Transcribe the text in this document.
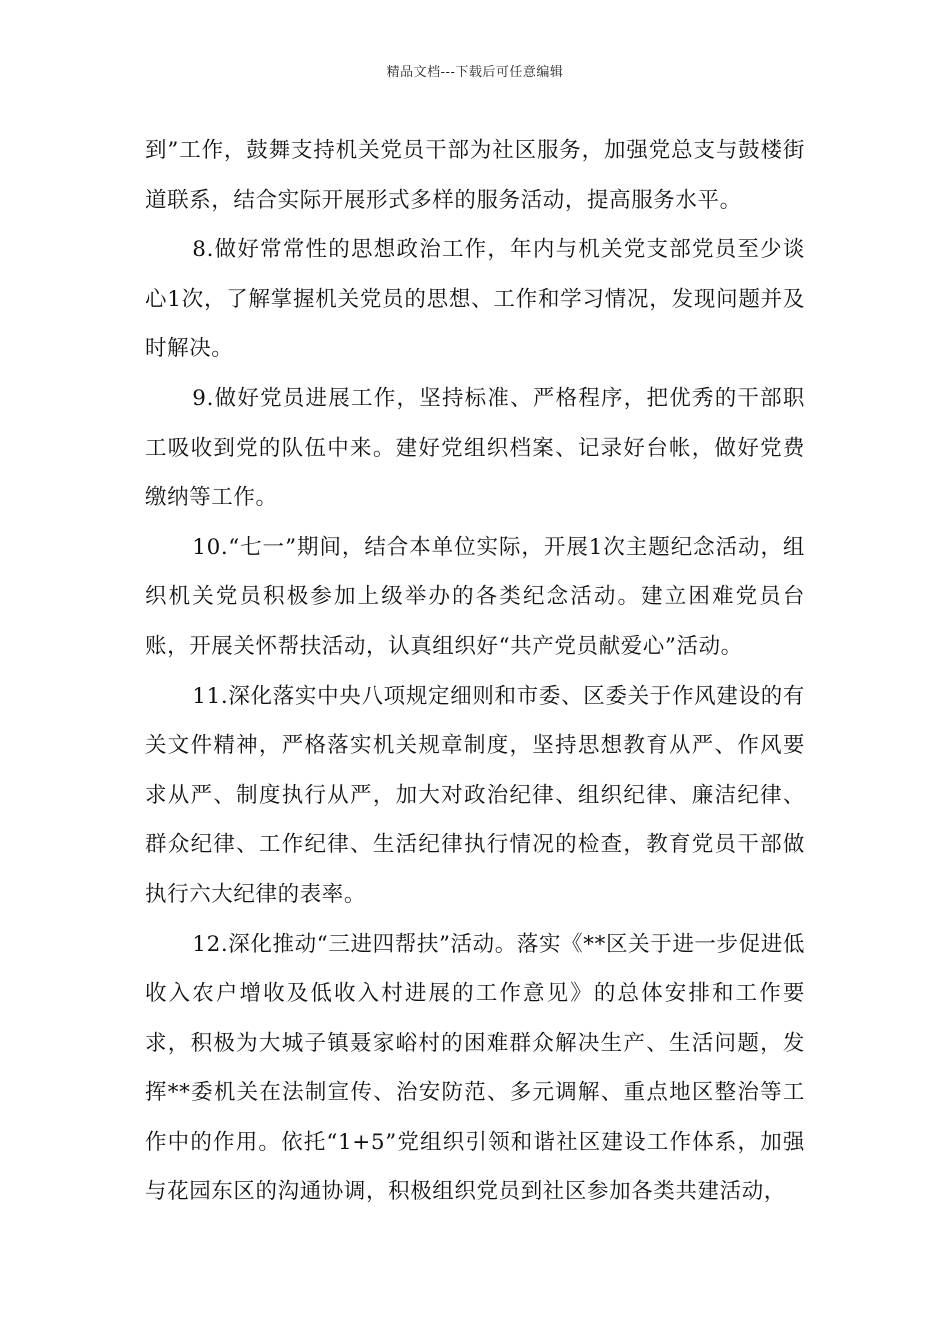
精品文档---下载后可任意编辑

到”工作，鼓舞支持机关党员干部为社区服务，加强党总支与鼓楼街道联系，结合实际开展形式多样的服务活动，提高服务水平。

8.做好常常性的思想政治工作，年内与机关党支部党员至少谈心1次，了解掌握机关党员的思想、工作和学习情况，发现问题并及时解决。

9.做好党员进展工作，坚持标准、严格程序，把优秀的干部职工吸收到党的队伍中来。建好党组织档案、记录好台帐，做好党费缴纳等工作。

10.“七一”期间，结合本单位实际，开展1次主题纪念活动，组织机关党员积极参加上级举办的各类纪念活动。建立困难党员台账，开展关怀帮扶活动，认真组织好“共产党员献爱心”活动。

11.深化落实中央八项规定细则和市委、区委关于作风建设的有关文件精神，严格落实机关规章制度，坚持思想教育从严、作风要求从严、制度执行从严，加大对政治纪律、组织纪律、廉洁纪律、群众纪律、工作纪律、生活纪律执行情况的检查，教育党员干部做执行六大纪律的表率。

12.深化推动“三进四帮扶”活动。落实《**区关于进一步促进低收入农户增收及低收入村进展的工作意见》的总体安排和工作要求，积极为大城子镇聂家峪村的困难群众解决生产、生活问题，发挥**委机关在法制宣传、治安防范、多元调解、重点地区整治等工作中的作用。依托“1+5”党组织引领和谐社区建设工作体系，加强与花园东区的沟通协调，积极组织党员到社区参加各类共建活动，
